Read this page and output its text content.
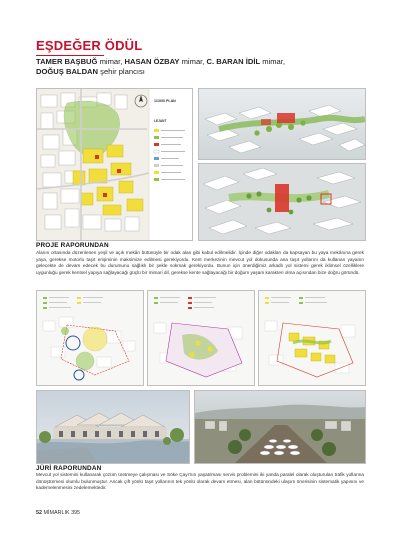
EŞDEĞER ÖDÜL
TAMER BAŞBUĞ mimar, HASAN ÖZBAY mimar, C. BARAN İDİL mimar,
DOĞUŞ BALDAN şehir plancısı
1/1000 PLAN
LEJANT
PROJE RAPORUNDAN
Alanın ortasında düzenlenen yeşil ve açık mekân bütünüyle bir odak alan gibi kabul edilmelidir. İçinde diğer odakları da kapsayan bu yaya mekânına gerek yaya, gerekse motorlu taşıt erişiminin maksimize edilmesi gerekiyordu. Kent merkezinin mevcut yol dokusunda ana taşıt yollarını da kullanan yayanın gelecekte de devam edecek bu durumunu sağlıklı bir şekle sokmak gerekiyordu. Bunun için önerdiğimiz arkadlı yol sistemi gerek iklimsel özelliklere uygunluğu gerek kentsel yapıya sağlayacağı güçlü bir mimari dil, gerekse kente sağlayacağı bir doğum yaşam karakteri olma açısından bize doğru göründü.
JÜRİ RAPORUNDAN
Mevcut yol sistemini kullanarak çözüm üretmeye çalışması ve Söke Çayı'nın yaşatılması servis problemini iki yanda paralel olarak oluşturulan trafik yollarına dönüştürmesi olumlu bulunmuştur. Ancak çift yönlü taşıt yollarının tek yönlü olarak devam etmesi, alan bütünündeki ulaşım önerisinin sistematik yapısını ve kademelenmesini zedelemektedir.
52 MİMARLIK 395
